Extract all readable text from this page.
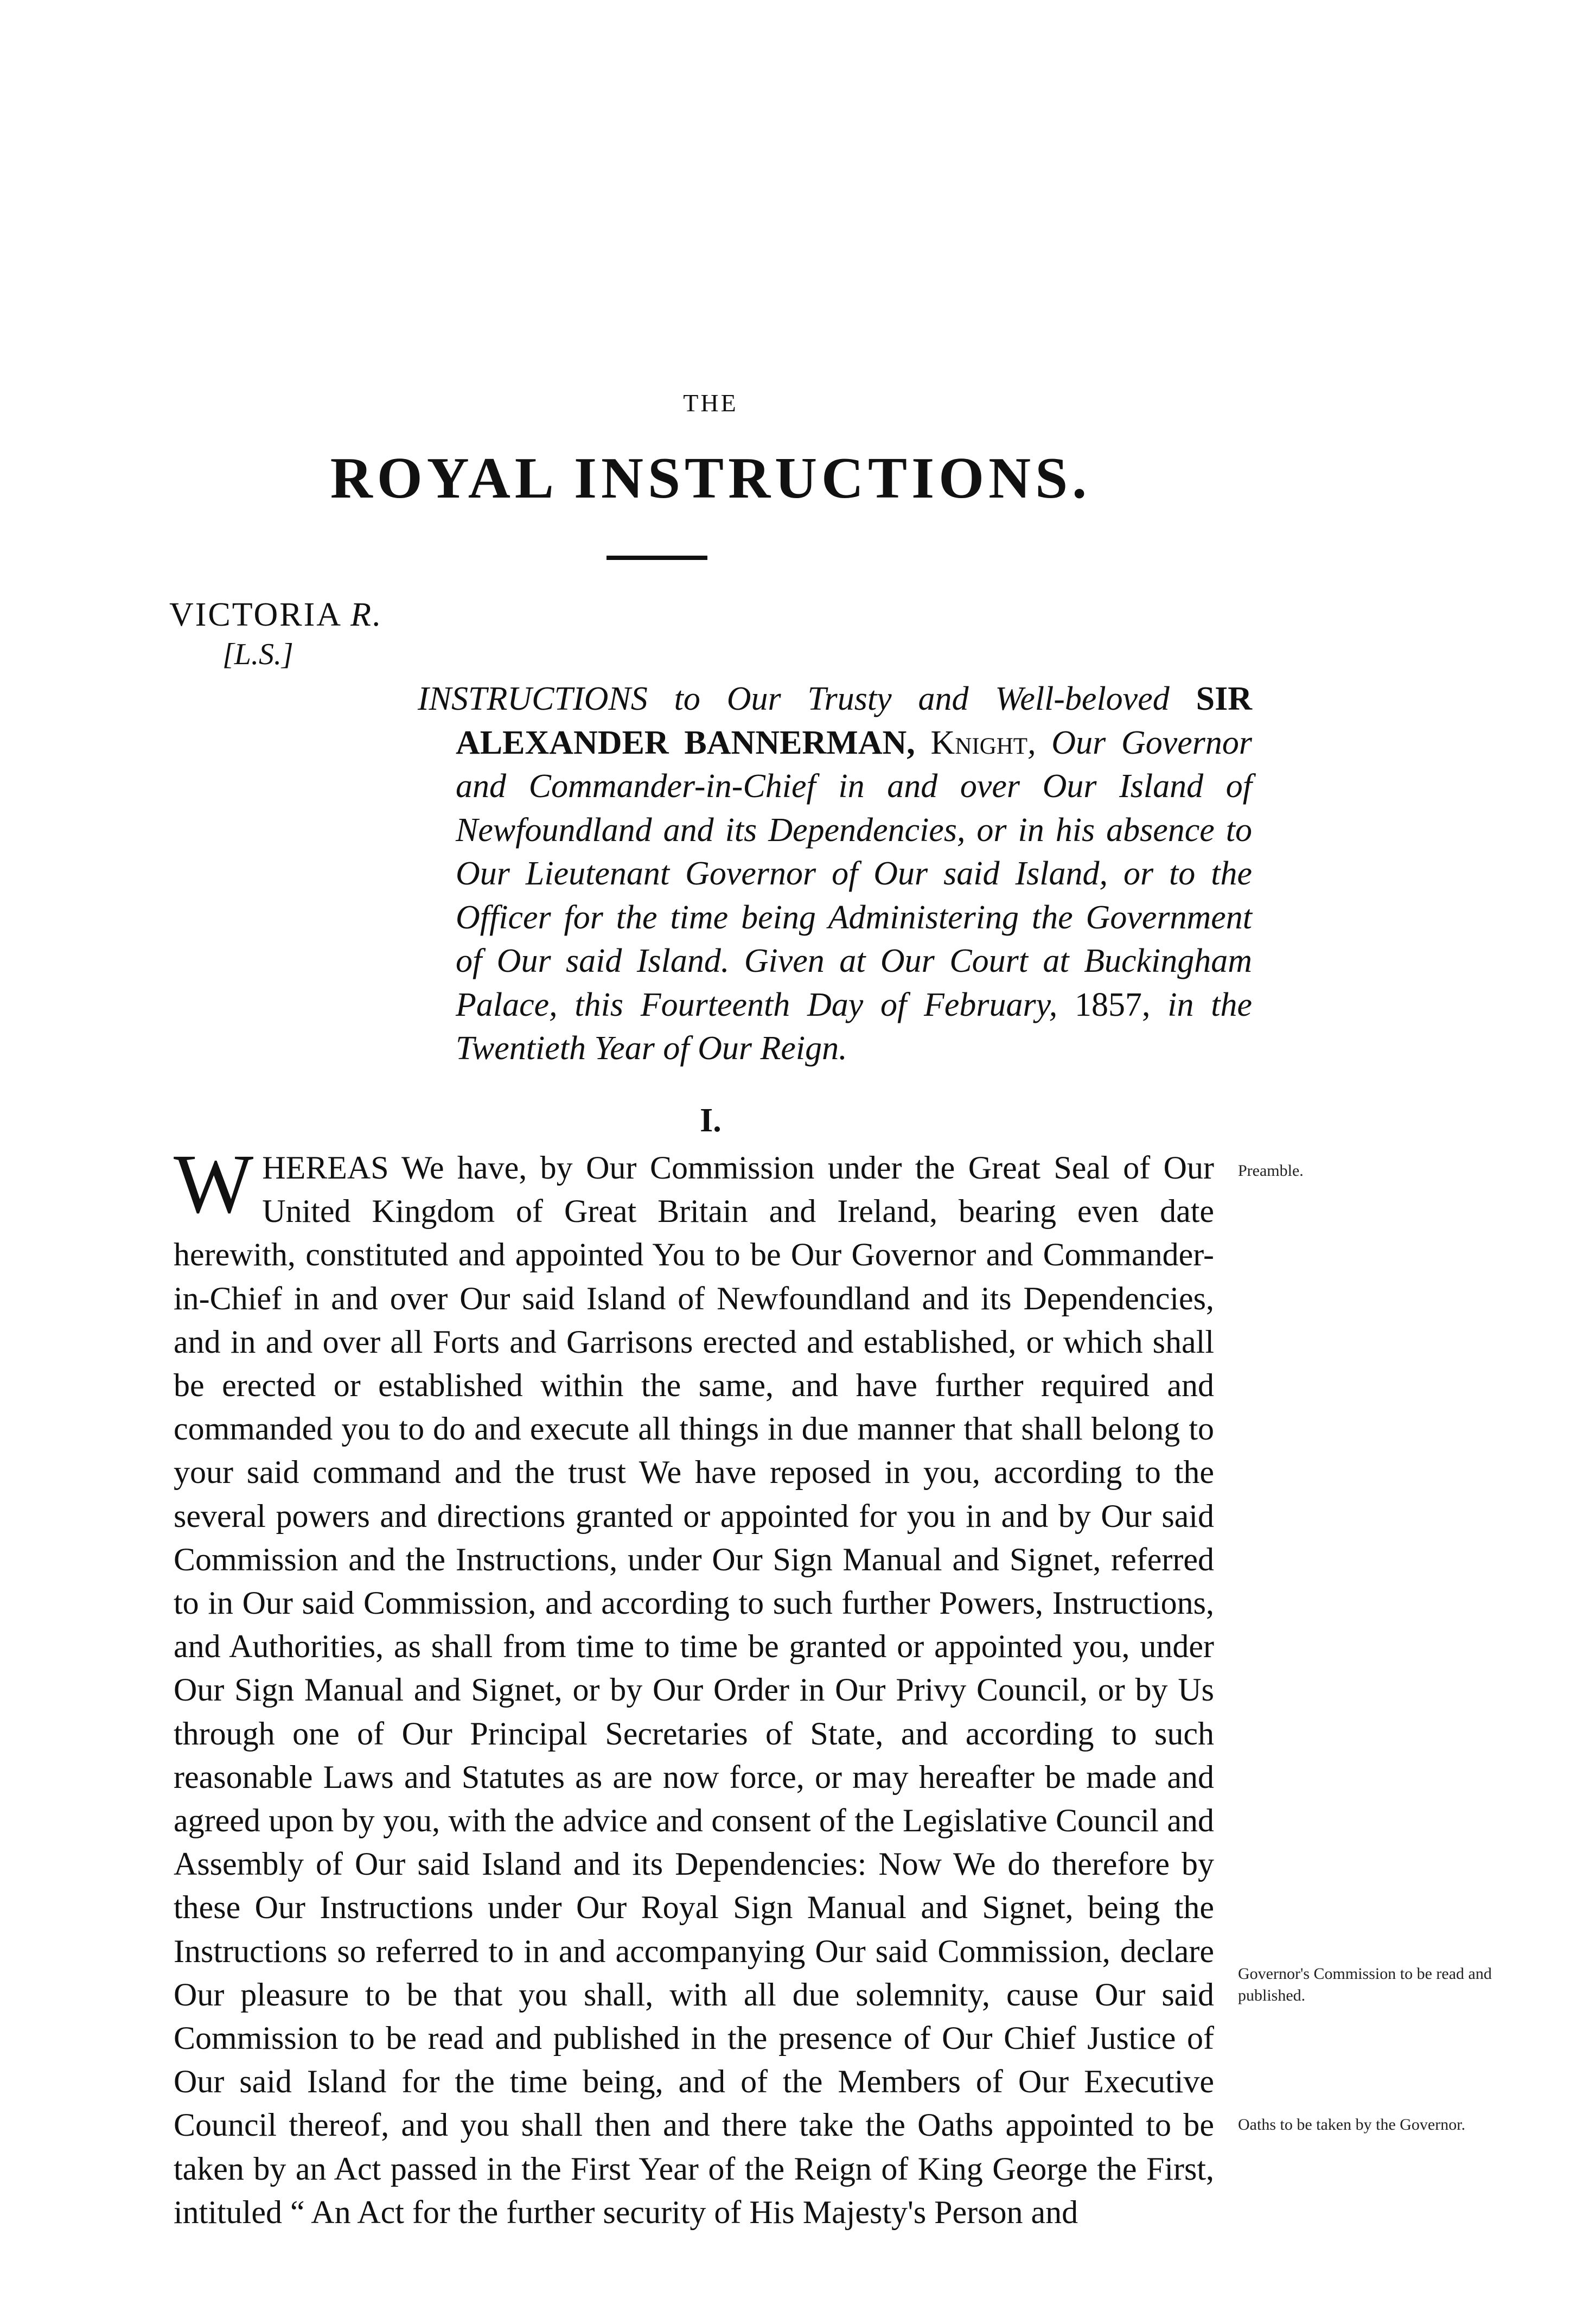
THE
ROYAL INSTRUCTIONS.
VICTORIA R.
[L.S.]
INSTRUCTIONS to Our Trusty and Well-beloved SIR ALEXANDER BANNERMAN, Knight, Our Governor and Commander-in-Chief in and over Our Island of Newfoundland and its Dependencies, or in his absence to Our Lieutenant Governor of Our said Island, or to the Officer for the time being Administering the Government of Our said Island. Given at Our Court at Buckingham Palace, this Fourteenth Day of February, 1857, in the Twentieth Year of Our Reign.
I.
WHEREAS We have, by Our Commission under the Great Seal of Our United Kingdom of Great Britain and Ireland, bearing even date herewith, constituted and appointed You to be Our Governor and Commander-in-Chief in and over Our said Island of Newfoundland and its Dependencies, and in and over all Forts and Garrisons erected and established, or which shall be erected or established within the same, and have further required and commanded you to do and execute all things in due manner that shall belong to your said command and the trust We have reposed in you, according to the several powers and directions granted or appointed for you in and by Our said Commission and the Instructions, under Our Sign Manual and Signet, referred to in Our said Commission, and according to such further Powers, Instructions, and Authorities, as shall from time to time be granted or appointed you, under Our Sign Manual and Signet, or by Our Order in Our Privy Council, or by Us through one of Our Principal Secretaries of State, and according to such reasonable Laws and Statutes as are now force, or may hereafter be made and agreed upon by you, with the advice and consent of the Legislative Council and Assembly of Our said Island and its Dependencies: Now We do therefore by these Our Instructions under Our Royal Sign Manual and Signet, being the Instructions so referred to in and accompanying Our said Commission, declare Our pleasure to be that you shall, with all due solemnity, cause Our said Commission to be read and published in the presence of Our Chief Justice of Our said Island for the time being, and of the Members of Our Executive Council thereof, and you shall then and there take the Oaths appointed to be taken by an Act passed in the First Year of the Reign of King George the First, intituled “ An Act for the further security of His Majesty's Person and
Preamble.
Governor's Commission to be read and published.
Oaths to be taken by the Governor.
